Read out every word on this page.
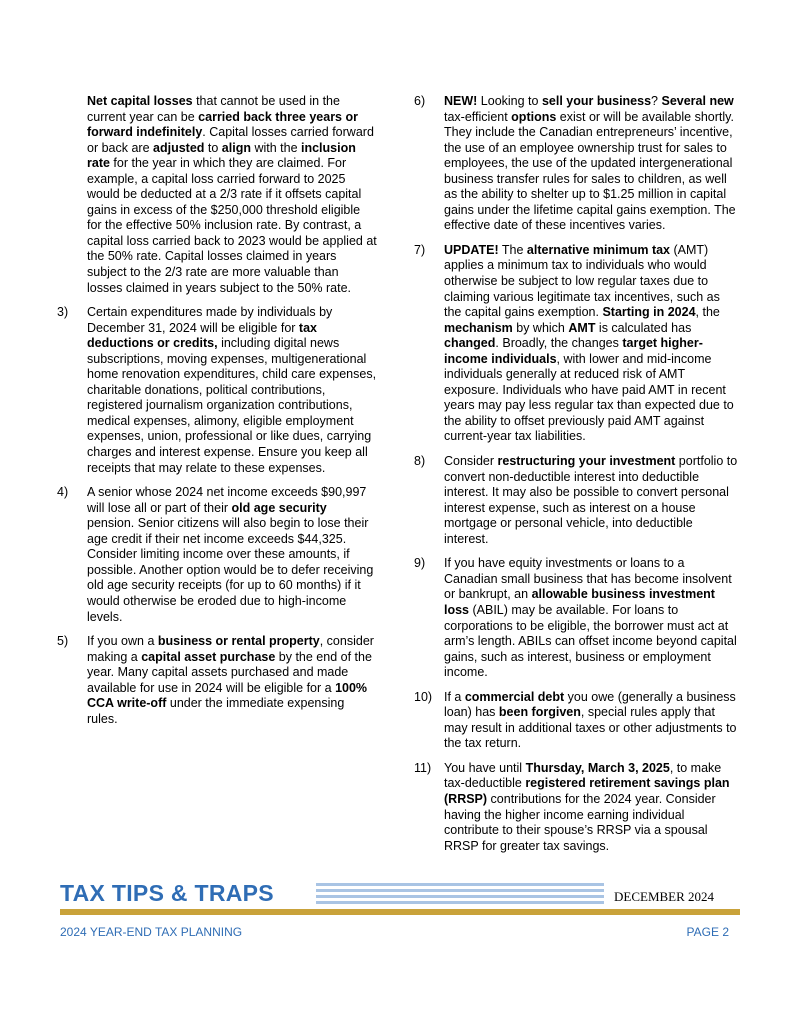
Net capital losses that cannot be used in the current year can be carried back three years or forward indefinitely. Capital losses carried forward or back are adjusted to align with the inclusion rate for the year in which they are claimed. For example, a capital loss carried forward to 2025 would be deducted at a 2/3 rate if it offsets capital gains in excess of the $250,000 threshold eligible for the effective 50% inclusion rate. By contrast, a capital loss carried back to 2023 would be applied at the 50% rate. Capital losses claimed in years subject to the 2/3 rate are more valuable than losses claimed in years subject to the 50% rate.
3) Certain expenditures made by individuals by December 31, 2024 will be eligible for tax deductions or credits, including digital news subscriptions, moving expenses, multigenerational home renovation expenditures, child care expenses, charitable donations, political contributions, registered journalism organization contributions, medical expenses, alimony, eligible employment expenses, union, professional or like dues, carrying charges and interest expense. Ensure you keep all receipts that may relate to these expenses.
4) A senior whose 2024 net income exceeds $90,997 will lose all or part of their old age security pension. Senior citizens will also begin to lose their age credit if their net income exceeds $44,325. Consider limiting income over these amounts, if possible. Another option would be to defer receiving old age security receipts (for up to 60 months) if it would otherwise be eroded due to high-income levels.
5) If you own a business or rental property, consider making a capital asset purchase by the end of the year. Many capital assets purchased and made available for use in 2024 will be eligible for a 100% CCA write-off under the immediate expensing rules.
6) NEW! Looking to sell your business? Several new tax-efficient options exist or will be available shortly. They include the Canadian entrepreneurs’ incentive, the use of an employee ownership trust for sales to employees, the use of the updated intergenerational business transfer rules for sales to children, as well as the ability to shelter up to $1.25 million in capital gains under the lifetime capital gains exemption. The effective date of these incentives varies.
7) UPDATE! The alternative minimum tax (AMT) applies a minimum tax to individuals who would otherwise be subject to low regular taxes due to claiming various legitimate tax incentives, such as the capital gains exemption. Starting in 2024, the mechanism by which AMT is calculated has changed. Broadly, the changes target higher-income individuals, with lower and mid-income individuals generally at reduced risk of AMT exposure. Individuals who have paid AMT in recent years may pay less regular tax than expected due to the ability to offset previously paid AMT against current-year tax liabilities.
8) Consider restructuring your investment portfolio to convert non-deductible interest into deductible interest. It may also be possible to convert personal interest expense, such as interest on a house mortgage or personal vehicle, into deductible interest.
9) If you have equity investments or loans to a Canadian small business that has become insolvent or bankrupt, an allowable business investment loss (ABIL) may be available. For loans to corporations to be eligible, the borrower must act at arm’s length. ABILs can offset income beyond capital gains, such as interest, business or employment income.
10) If a commercial debt you owe (generally a business loan) has been forgiven, special rules apply that may result in additional taxes or other adjustments to the tax return.
11) You have until Thursday, March 3, 2025, to make tax-deductible registered retirement savings plan (RRSP) contributions for the 2024 year. Consider having the higher income earning individual contribute to their spouse’s RRSP via a spousal RRSP for greater tax savings.
TAX TIPS & TRAPS	DECEMBER 2024
2024 YEAR-END TAX PLANNING	PAGE 2
